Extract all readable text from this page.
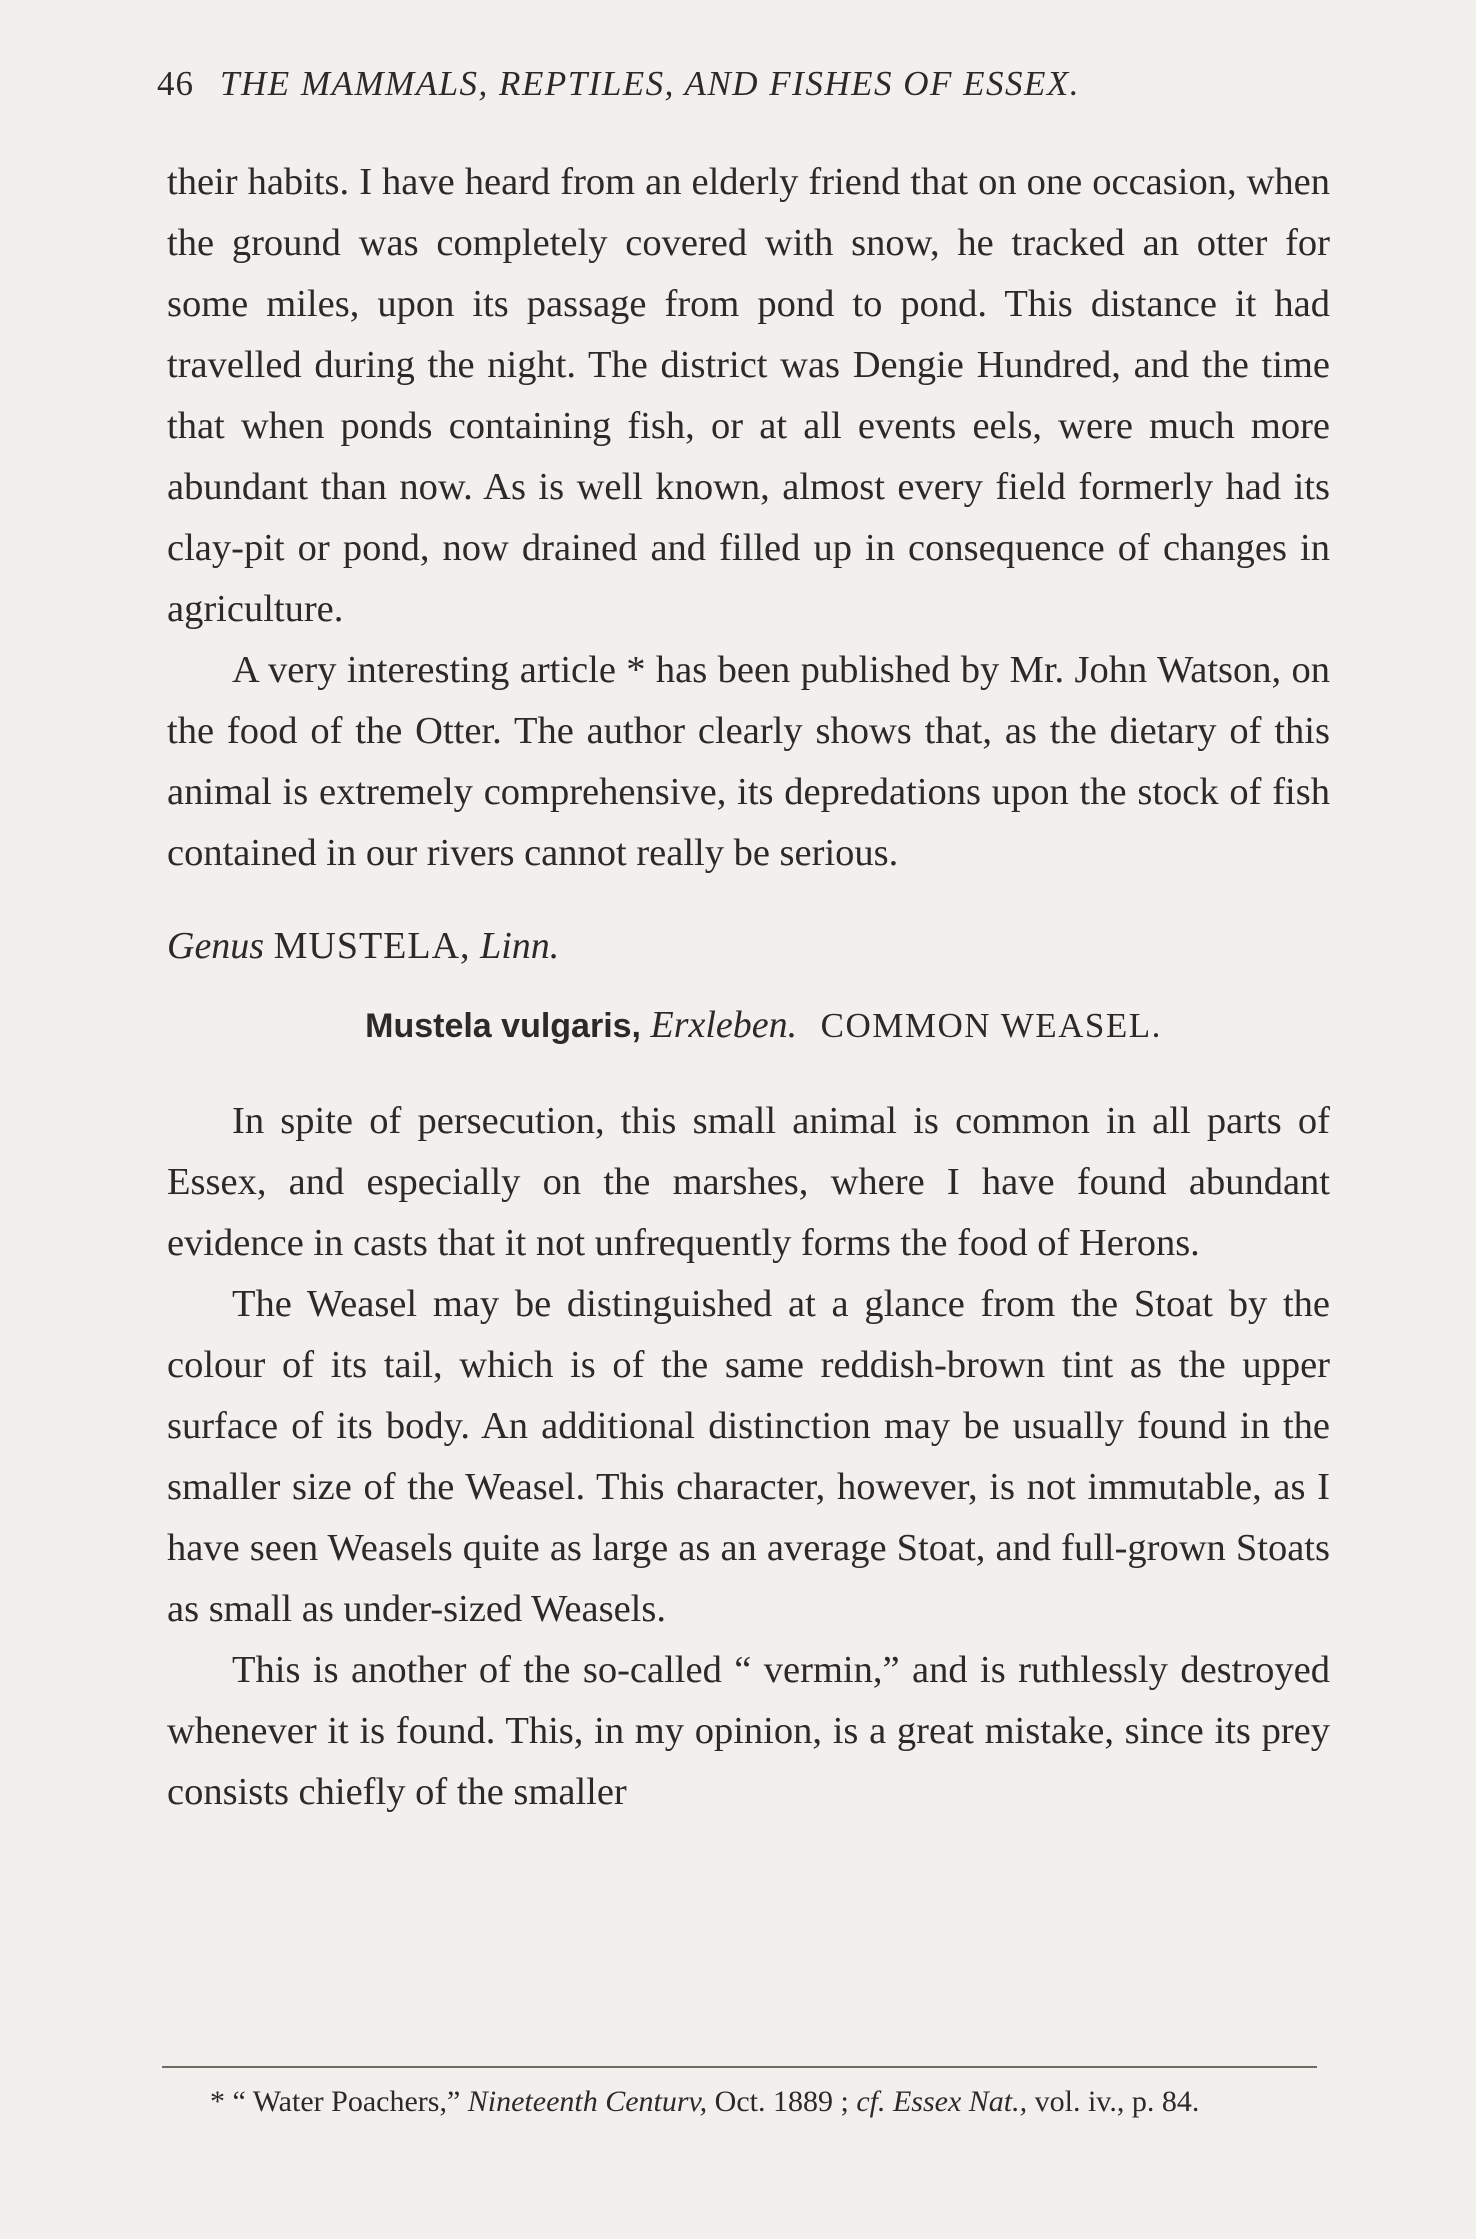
46 THE MAMMALS, REPTILES, AND FISHES OF ESSEX.

their habits. I have heard from an elderly friend that on one occasion, when the ground was completely covered with snow, he tracked an otter for some miles, upon its passage from pond to pond. This distance it had travelled during the night. The district was Dengie Hundred, and the time that when ponds containing fish, or at all events eels, were much more abundant than now. As is well known, almost every field formerly had its clay-pit or pond, now drained and filled up in consequence of changes in agriculture.

A very interesting article * has been published by Mr. John Watson, on the food of the Otter. The author clearly shows that, as the dietary of this animal is extremely comprehensive, its depredations upon the stock of fish contained in our rivers cannot really be serious.

Genus MUSTELA, Linn.

Mustela vulgaris, Erxleben. COMMON WEASEL.

In spite of persecution, this small animal is common in all parts of Essex, and especially on the marshes, where I have found abundant evidence in casts that it not unfrequently forms the food of Herons.

The Weasel may be distinguished at a glance from the Stoat by the colour of its tail, which is of the same reddish-brown tint as the upper surface of its body. An additional distinction may be usually found in the smaller size of the Weasel. This character, however, is not immutable, as I have seen Weasels quite as large as an average Stoat, and full-grown Stoats as small as under-sized Weasels.

This is another of the so-called “ vermin,” and is ruthlessly destroyed whenever it is found. This, in my opinion, is a great mistake, since its prey consists chiefly of the smaller

* “ Water Poachers,” Nineteenth Centurv, Oct. 1889 ; cf. Essex Nat., vol. iv., p. 84.
